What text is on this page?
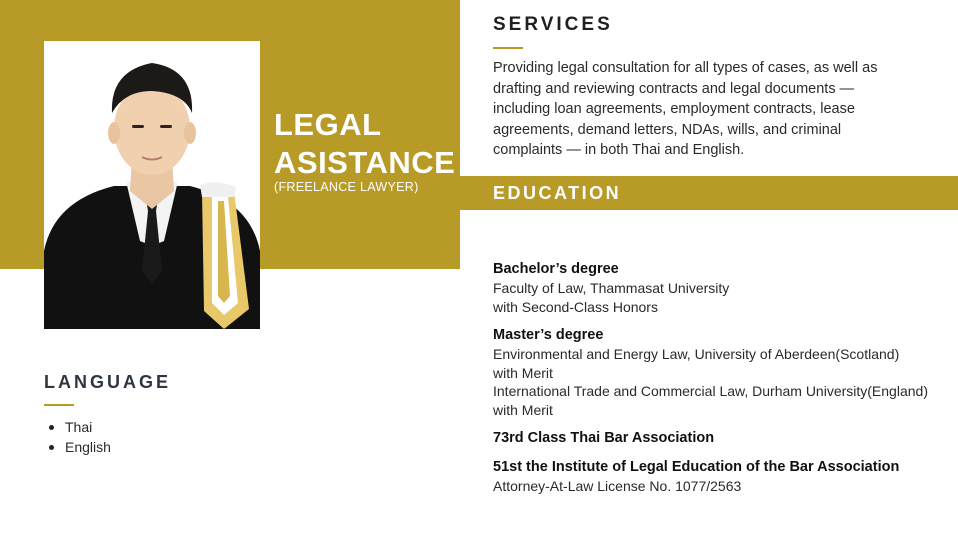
LEGAL
ASISTANCE
(FREELANCE LAWYER)
SERVICES
Providing legal consultation for all types of cases, as well as drafting and reviewing contracts and legal documents — including loan agreements, employment contracts, lease agreements, demand letters, NDAs, wills, and criminal complaints — in both Thai and English.
EDUCATION
Bachelor’s degree
Faculty of Law, Thammasat University
with Second-Class Honors
Master’s degree
Environmental and Energy Law, University of Aberdeen(Scotland)
with Merit
International Trade and Commercial Law, Durham University(England)
with Merit
73rd Class Thai Bar Association
51st the Institute of Legal Education of the Bar Association
Attorney-At-Law License No. 1077/2563
LANGUAGE
Thai
English
